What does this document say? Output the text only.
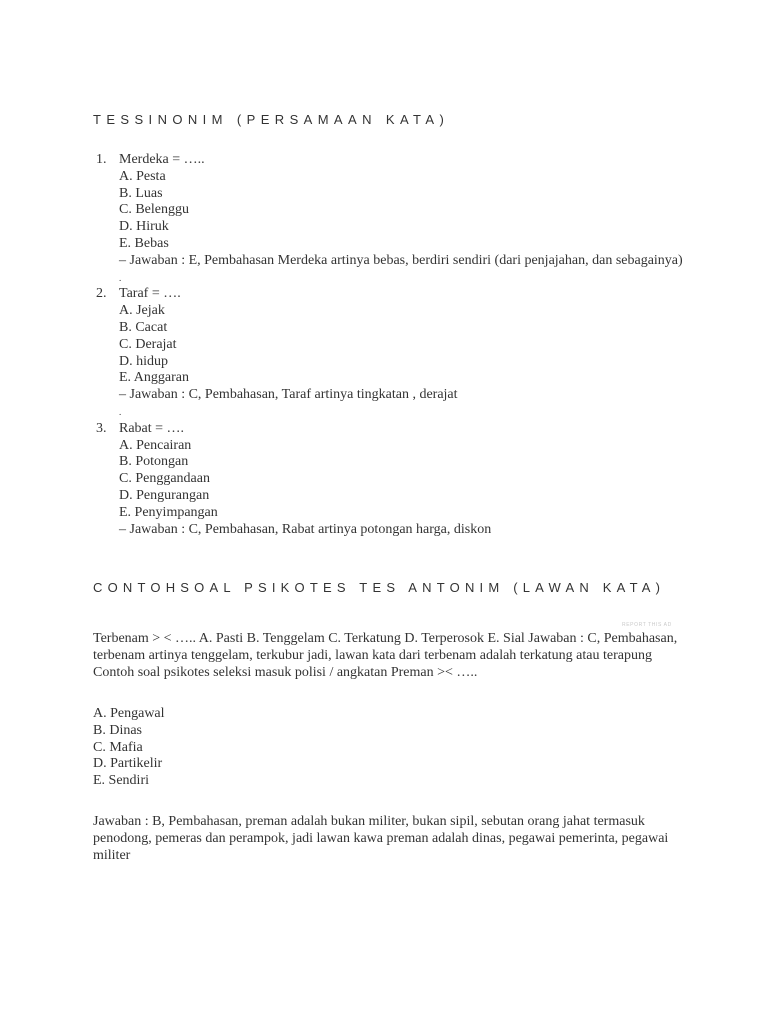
TESSINONIM (PERSAMAAN KATA)
1. Merdeka = …..
A. Pesta
B. Luas
C. Belenggu
D. Hiruk
E. Bebas
– Jawaban : E, Pembahasan Merdeka artinya bebas, berdiri sendiri (dari penjajahan, dan sebagainya)
.
2. Taraf = ….
A. Jejak
B. Cacat
C. Derajat
D. hidup
E. Anggaran
– Jawaban : C, Pembahasan, Taraf artinya tingkatan , derajat
.
3. Rabat = ….
A. Pencairan
B. Potongan
C. Penggandaan
D. Pengurangan
E. Penyimpangan
– Jawaban : C, Pembahasan, Rabat artinya potongan harga, diskon
CONTOHSOAL PSIKOTES TES ANTONIM (LAWAN KATA)
REPORT THIS AD
Terbenam > < ….. A. Pasti B. Tenggelam C. Terkatung D. Terperosok E. Sial Jawaban : C, Pembahasan, terbenam artinya tenggelam, terkubur jadi, lawan kata dari terbenam adalah terkatung atau terapung Contoh soal psikotes seleksi masuk polisi / angkatan Preman >< …..
A. Pengawal
B. Dinas
C. Mafia
D. Partikelir
E. Sendiri
Jawaban : B, Pembahasan, preman adalah bukan militer, bukan sipil, sebutan orang jahat termasuk penodong, pemeras dan perampok, jadi lawan kawa preman adalah dinas, pegawai pemerinta, pegawai militer
